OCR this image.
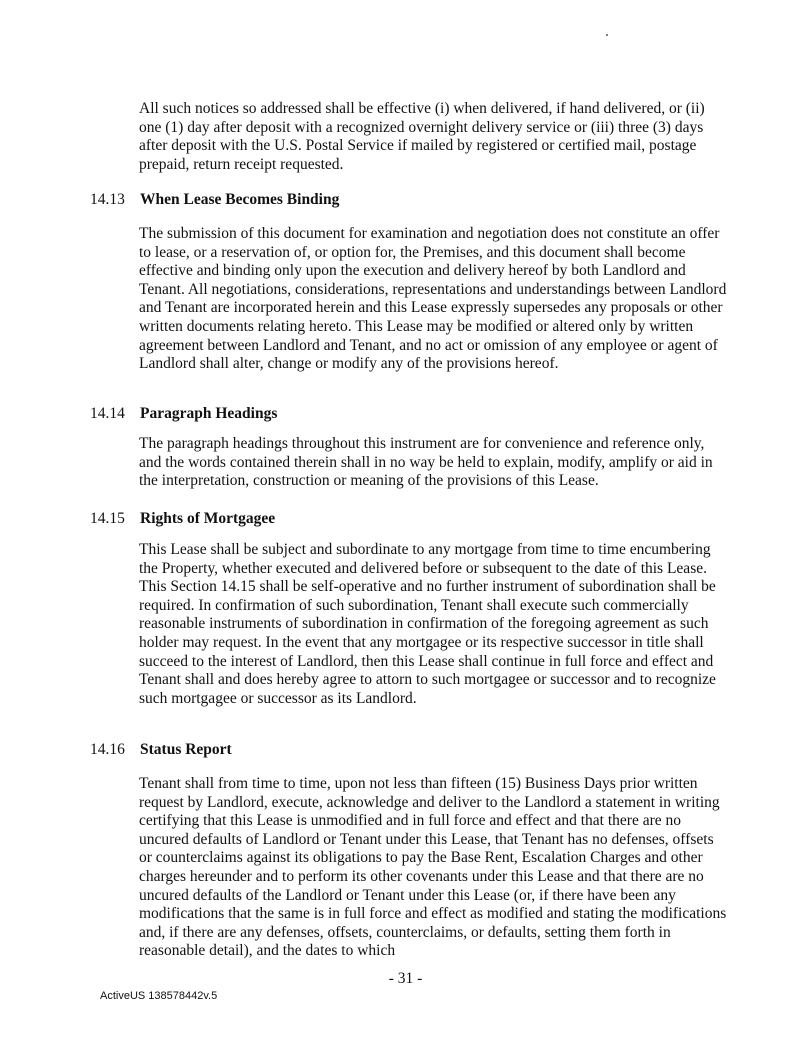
All such notices so addressed shall be effective (i) when delivered, if hand delivered, or (ii) one (1) day after deposit with a recognized overnight delivery service or (iii) three (3) days after deposit with the U.S. Postal Service if mailed by registered or certified mail, postage prepaid, return receipt requested.

14.13 When Lease Becomes Binding

The submission of this document for examination and negotiation does not constitute an offer to lease, or a reservation of, or option for, the Premises, and this document shall become effective and binding only upon the execution and delivery hereof by both Landlord and Tenant. All negotiations, considerations, representations and understandings between Landlord and Tenant are incorporated herein and this Lease expressly supersedes any proposals or other written documents relating hereto. This Lease may be modified or altered only by written agreement between Landlord and Tenant, and no act or omission of any employee or agent of Landlord shall alter, change or modify any of the provisions hereof.

14.14 Paragraph Headings

The paragraph headings throughout this instrument are for convenience and reference only, and the words contained therein shall in no way be held to explain, modify, amplify or aid in the interpretation, construction or meaning of the provisions of this Lease.

14.15 Rights of Mortgagee

This Lease shall be subject and subordinate to any mortgage from time to time encumbering the Property, whether executed and delivered before or subsequent to the date of this Lease. This Section 14.15 shall be self-operative and no further instrument of subordination shall be required. In confirmation of such subordination, Tenant shall execute such commercially reasonable instruments of subordination in confirmation of the foregoing agreement as such holder may request. In the event that any mortgagee or its respective successor in title shall succeed to the interest of Landlord, then this Lease shall continue in full force and effect and Tenant shall and does hereby agree to attorn to such mortgagee or successor and to recognize such mortgagee or successor as its Landlord.

14.16 Status Report

Tenant shall from time to time, upon not less than fifteen (15) Business Days prior written request by Landlord, execute, acknowledge and deliver to the Landlord a statement in writing certifying that this Lease is unmodified and in full force and effect and that there are no uncured defaults of Landlord or Tenant under this Lease, that Tenant has no defenses, offsets or counterclaims against its obligations to pay the Base Rent, Escalation Charges and other charges hereunder and to perform its other covenants under this Lease and that there are no uncured defaults of the Landlord or Tenant under this Lease (or, if there have been any modifications that the same is in full force and effect as modified and stating the modifications and, if there are any defenses, offsets, counterclaims, or defaults, setting them forth in reasonable detail), and the dates to which

- 31 -
ActiveUS 138578442v.5
